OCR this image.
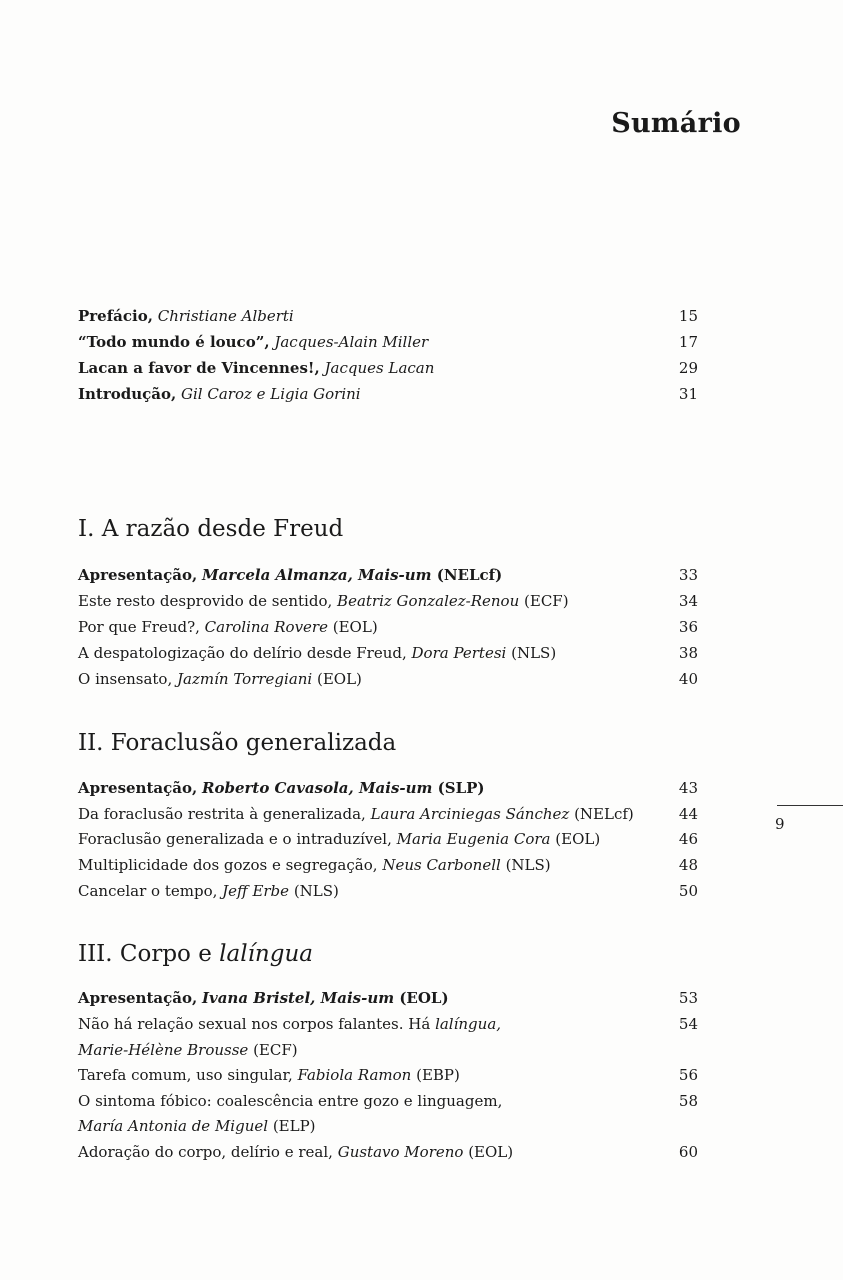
Sumário
Prefácio, Christiane Alberti	15
“Todo mundo é louco”, Jacques-Alain Miller	17
Lacan a favor de Vincennes!, Jacques Lacan	29
Introdução, Gil Caroz e Ligia Gorini	31
I. A razão desde Freud
Apresentação, Marcela Almanza, Mais-um (NELcf)	33
Este resto desprovido de sentido, Beatriz Gonzalez-Renou (ECF)	34
Por que Freud?, Carolina Rovere (EOL)	36
A despatologização do delírio desde Freud, Dora Pertesi (NLS)	38
O insensato, Jazmín Torregiani (EOL)	40
II. Foraclusão generalizada
Apresentação, Roberto Cavasola, Mais-um (SLP)	43
Da foraclusão restrita à generalizada, Laura Arciniegas Sánchez (NELcf)	44
Foraclusão generalizada e o intraduzível, Maria Eugenia Cora (EOL)	46
Multiplicidade dos gozos e segregação, Neus Carbonell (NLS)	48
Cancelar o tempo, Jeff Erbe (NLS)	50
9
III. Corpo e lalíngua
Apresentação, Ivana Bristel, Mais-um (EOL)	53
Não há relação sexual nos corpos falantes. Há lalíngua,	54
Marie-Hélène Brousse (ECF)
Tarefa comum, uso singular, Fabiola Ramon (EBP)	56
O sintoma fóbico: coalescência entre gozo e linguagem,	58
María Antonia de Miguel (ELP)
Adoração do corpo, delírio e real, Gustavo Moreno (EOL)	60
